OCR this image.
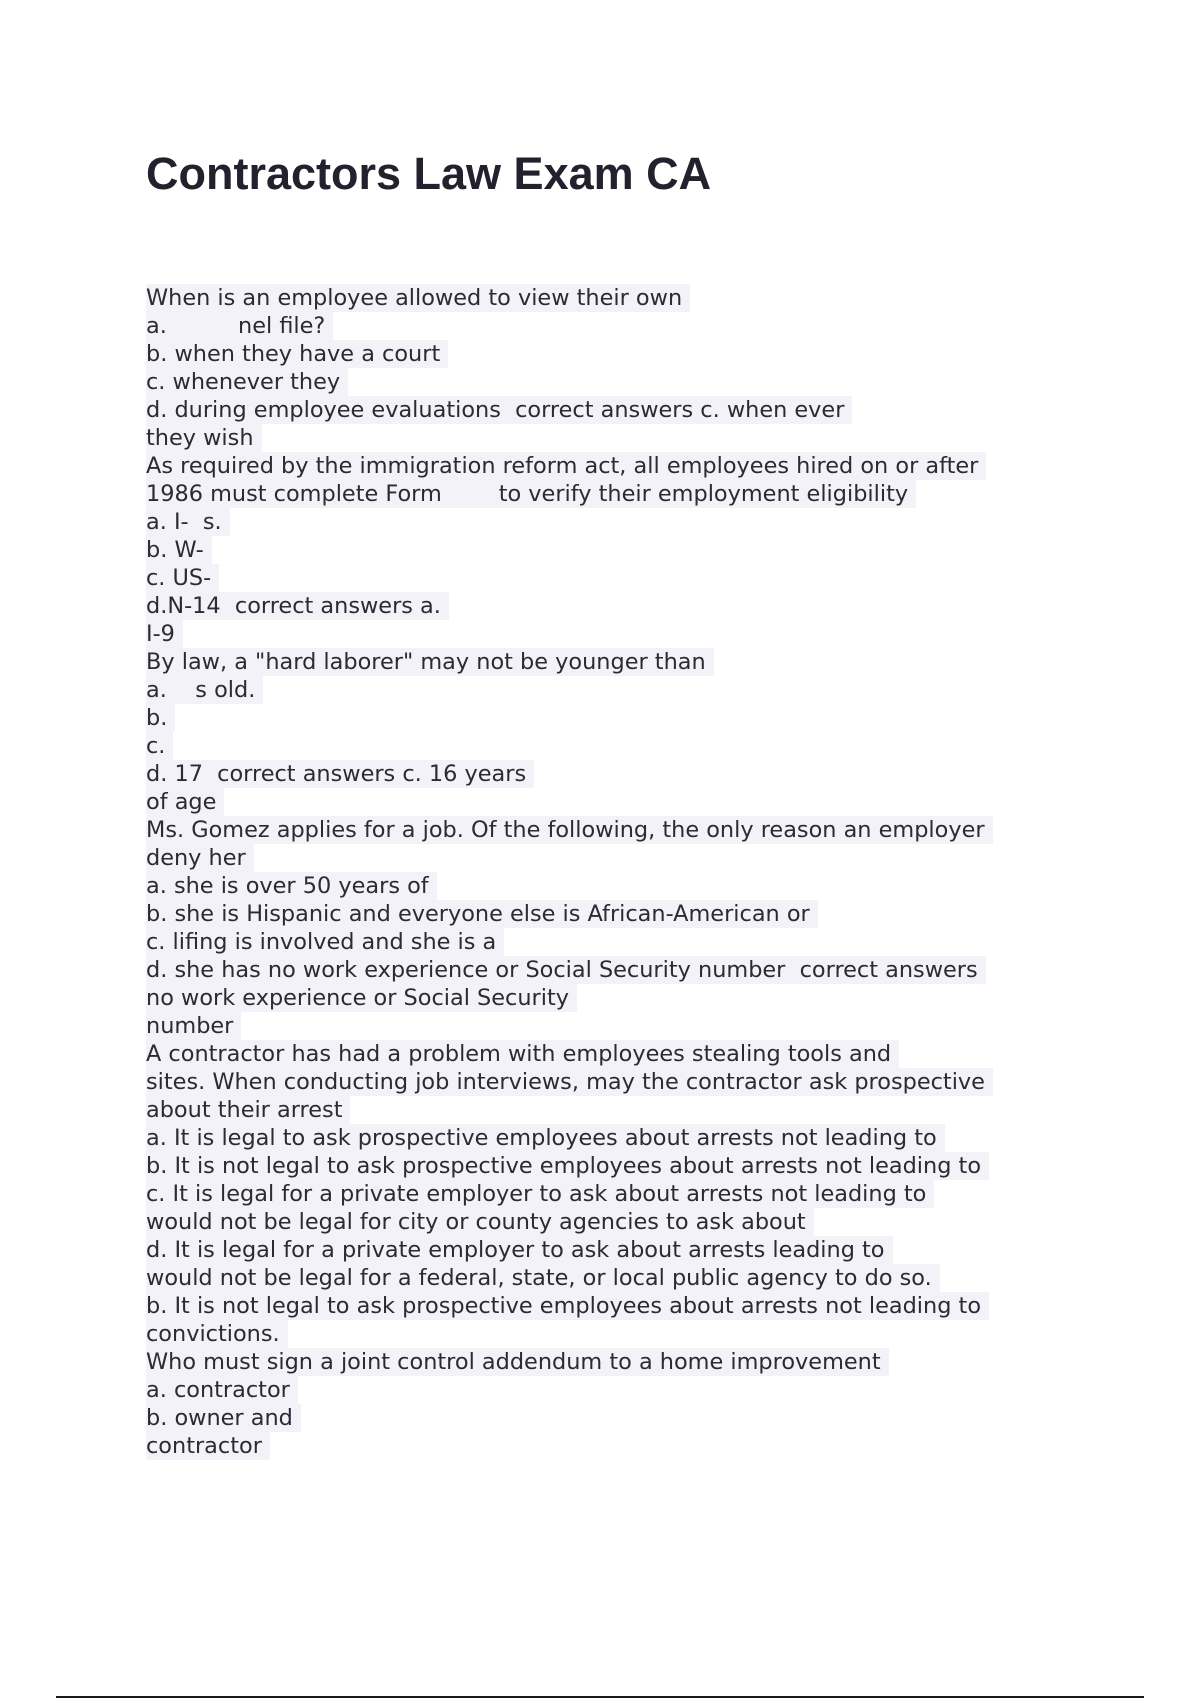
Contractors Law Exam CA
When is an employee allowed to view their own
a.          nel file?
b. when they have a court
c. whenever they
d. during employee evaluations  correct answers c. when ever
they wish
As required by the immigration reform act, all employees hired on or after
1986 must complete Form        to verify their employment eligibility
a. I-  s.
b. W-
c. US-
d.N-14  correct answers a.
I-9
By law, a "hard laborer" may not be younger than
a.    s old.
b.
c.
d. 17  correct answers c. 16 years
of age
Ms. Gomez applies for a job. Of the following, the only reason an employer
deny her
a. she is over 50 years of
b. she is Hispanic and everyone else is African-American or
c. lifing is involved and she is a
d. she has no work experience or Social Security number  correct answers
no work experience or Social Security
number
A contractor has had a problem with employees stealing tools and
sites. When conducting job interviews, may the contractor ask prospective
about their arrest
a. It is legal to ask prospective employees about arrests not leading to
b. It is not legal to ask prospective employees about arrests not leading to
c. It is legal for a private employer to ask about arrests not leading to
would not be legal for city or county agencies to ask about
d. It is legal for a private employer to ask about arrests leading to
would not be legal for a federal, state, or local public agency to do so.
b. It is not legal to ask prospective employees about arrests not leading to
convictions.
Who must sign a joint control addendum to a home improvement
a. contractor
b. owner and
contractor
